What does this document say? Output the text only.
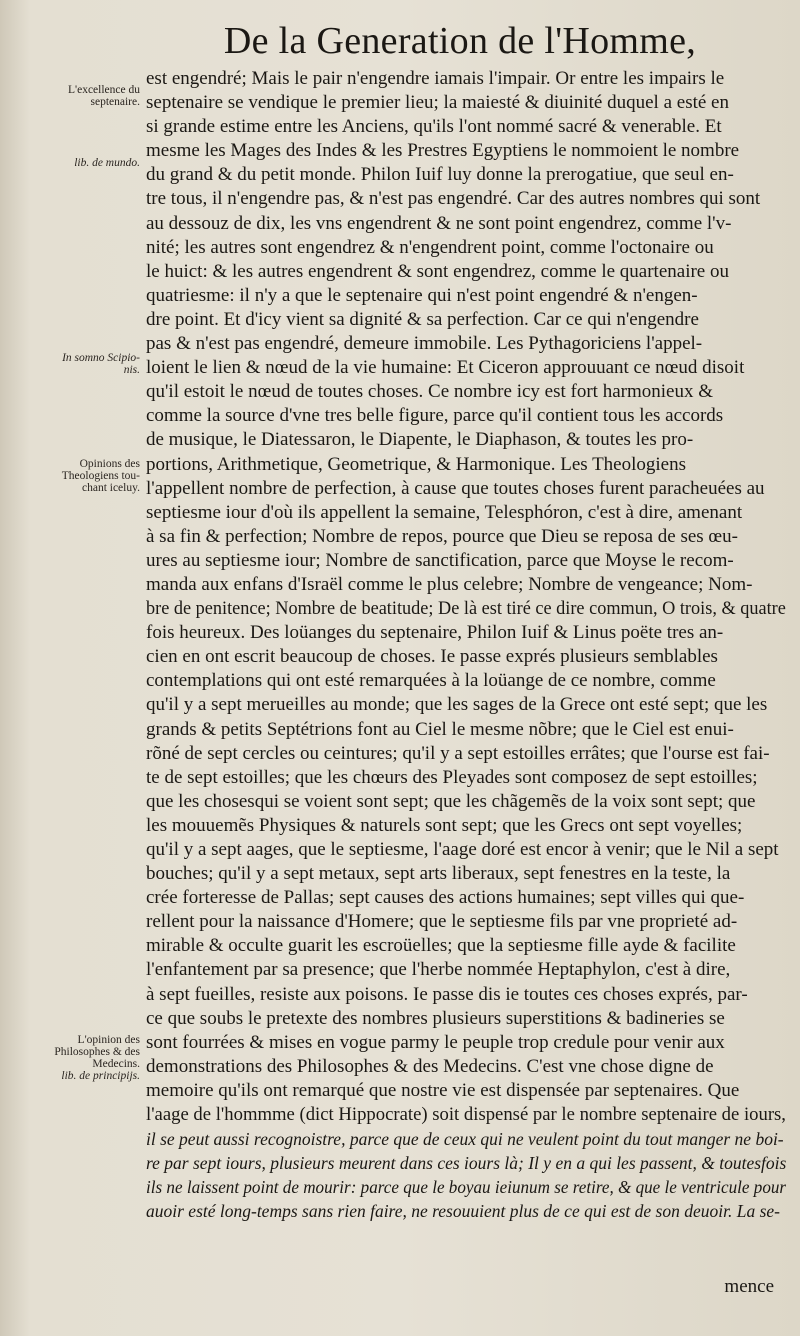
De la Generation de l'Homme,
L'excellence du
septenaire.
lib. de mundo.
In somno Scipio-
nis.
Opinions des
Theologiens tou-
chant iceluy.
L'opinion des
Philosophes & des
Medecins.
lib. de principijs.
est engendré; Mais le pair n'engendre iamais l'impair. Or entre les impairs le
septenaire se vendique le premier lieu; la maiesté & diuinité duquel a esté en
si grande estime entre les Anciens, qu'ils l'ont nommé sacré & venerable. Et
mesme les Mages des Indes & les Prestres Egyptiens le nommoient le nombre
du grand & du petit monde. Philon Iuif luy donne la prerogatiue, que seul en-
tre tous, il n'engendre pas, & n'est pas engendré. Car des autres nombres qui sont
au dessouz de dix, les vns engendrent & ne sont point engendrez, comme l'v-
nité; les autres sont engendrez & n'engendrent point, comme l'octonaire ou
le huict: & les autres engendrent & sont engendrez, comme le quartenaire ou
quatriesme: il n'y a que le septenaire qui n'est point engendré & n'engen-
dre point. Et d'icy vient sa dignité & sa perfection. Car ce qui n'engendre
pas & n'est pas engendré, demeure immobile. Les Pythagoriciens l'appel-
loient le lien & nœud de la vie humaine: Et Ciceron approuuant ce nœud disoit
qu'il estoit le nœud de toutes choses. Ce nombre icy est fort harmonieux &
comme la source d'vne tres belle figure, parce qu'il contient tous les accords
de musique, le Diatessaron, le Diapente, le Diaphason, & toutes les pro-
portions, Arithmetique, Geometrique, & Harmonique. Les Theologiens
l'appellent nombre de perfection, à cause que toutes choses furent paracheuées au
septiesme iour d'où ils appellent la semaine, Telesphóron, c'est à dire, amenant
à sa fin & perfection; Nombre de repos, pource que Dieu se reposa de ses œu-
ures au septiesme iour; Nombre de sanctification, parce que Moyse le recom-
manda aux enfans d'Israël comme le plus celebre; Nombre de vengeance; Nom-
bre de penitence; Nombre de beatitude; De là est tiré ce dire commun, O trois, & quatre
fois heureux. Des loüanges du septenaire, Philon Iuif & Linus poëte tres an-
cien en ont escrit beaucoup de choses. Ie passe exprés plusieurs semblables
contemplations qui ont esté remarquées à la loüange de ce nombre, comme
qu'il y a sept merueilles au monde; que les sages de la Grece ont esté sept; que les
grands & petits Septétrions font au Ciel le mesme nõbre; que le Ciel est enui-
rõné de sept cercles ou ceintures; qu'il y a sept estoilles errâtes; que l'ourse est fai-
te de sept estoilles; que les chœurs des Pleyades sont composez de sept estoilles;
que les chosesqui se voient sont sept; que les chãgemẽs de la voix sont sept; que
les mouuemẽs Physiques & naturels sont sept; que les Grecs ont sept voyelles;
qu'il y a sept aages, que le septiesme, l'aage doré est encor à venir; que le Nil a sept
bouches; qu'il y a sept metaux, sept arts liberaux, sept fenestres en la teste, la
crée forteresse de Pallas; sept causes des actions humaines; sept villes qui que-
rellent pour la naissance d'Homere; que le septiesme fils par vne proprieté ad-
mirable & occulte guarit les escroüelles; que la septiesme fille ayde & facilite
l'enfantement par sa presence; que l'herbe nommée Heptaphylon, c'est à dire,
à sept fueilles, resiste aux poisons. Ie passe dis ie toutes ces choses exprés, par-
ce que soubs le pretexte des nombres plusieurs superstitions & badineries se
sont fourrées & mises en vogue parmy le peuple trop credule pour venir aux
demonstrations des Philosophes & des Medecins. C'est vne chose digne de
memoire qu'ils ont remarqué que nostre vie est dispensée par septenaires. Que
l'aage de l'hommme (dict Hippocrate) soit dispensé par le nombre septenaire de iours,
il se peut aussi recognoistre, parce que de ceux qui ne veulent point du tout manger ne boi-
re par sept iours, plusieurs meurent dans ces iours là; Il y en a qui les passent, & toutesfois
ils ne laissent point de mourir: parce que le boyau ieiunum se retire, & que le ventricule pour
auoir esté long-temps sans rien faire, ne resouuient plus de ce qui est de son deuoir. La se-
mence
